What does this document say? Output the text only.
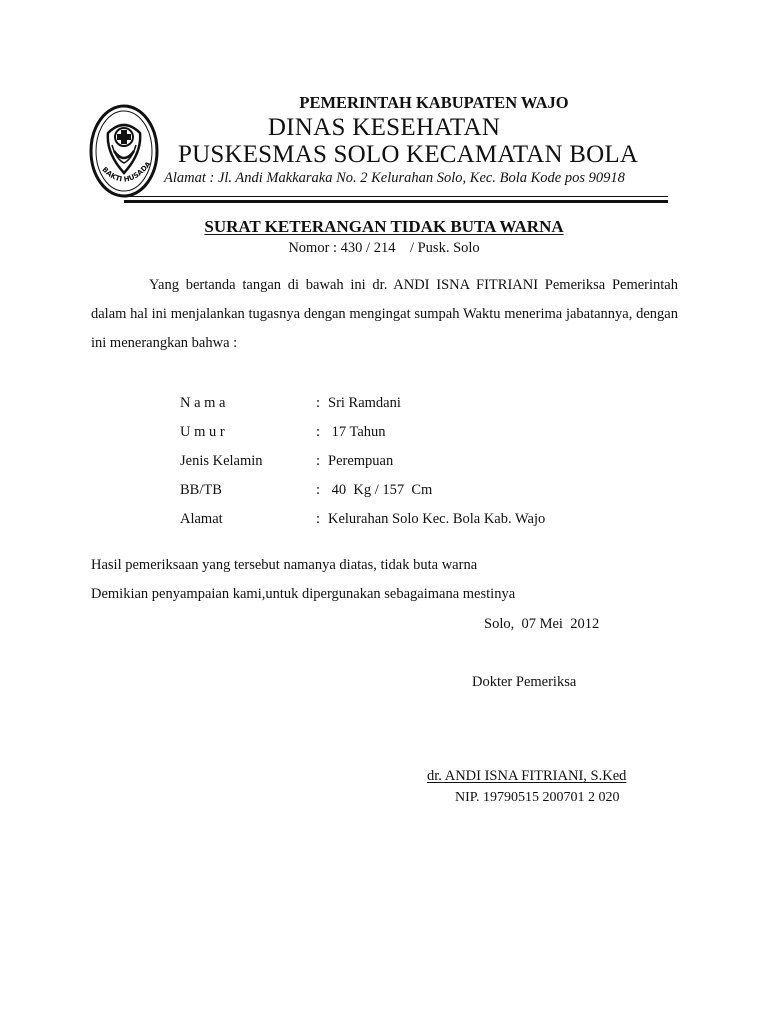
BAKTI HUSADA
PEMERINTAH KABUPATEN WAJO
DINAS KESEHATAN
PUSKESMAS SOLO KECAMATAN BOLA
Alamat : Jl. Andi Makkaraka No. 2 Kelurahan Solo, Kec. Bola Kode pos 90918
SURAT KETERANGAN TIDAK BUTA WARNA
Nomor : 430 / 214    / Pusk. Solo
Yang bertanda tangan di bawah ini dr. ANDI ISNA FITRIANI Pemeriksa Pemerintah dalam hal ini menjalankan tugasnya dengan mengingat sumpah Waktu menerima jabatannya, dengan ini menerangkan bahwa :
N a m a	: Sri Ramdani
U m u r	: 17 Tahun
Jenis Kelamin	: Perempuan
BB/TB	: 40  Kg / 157  Cm
Alamat	: Kelurahan Solo Kec. Bola Kab. Wajo
Hasil pemeriksaan yang tersebut namanya diatas, tidak buta warna
Demikian penyampaian kami,untuk dipergunakan sebagaimana mestinya
Solo,  07 Mei  2012
Dokter Pemeriksa
dr. ANDI ISNA FITRIANI, S.Ked
NIP. 19790515 200701 2 020
